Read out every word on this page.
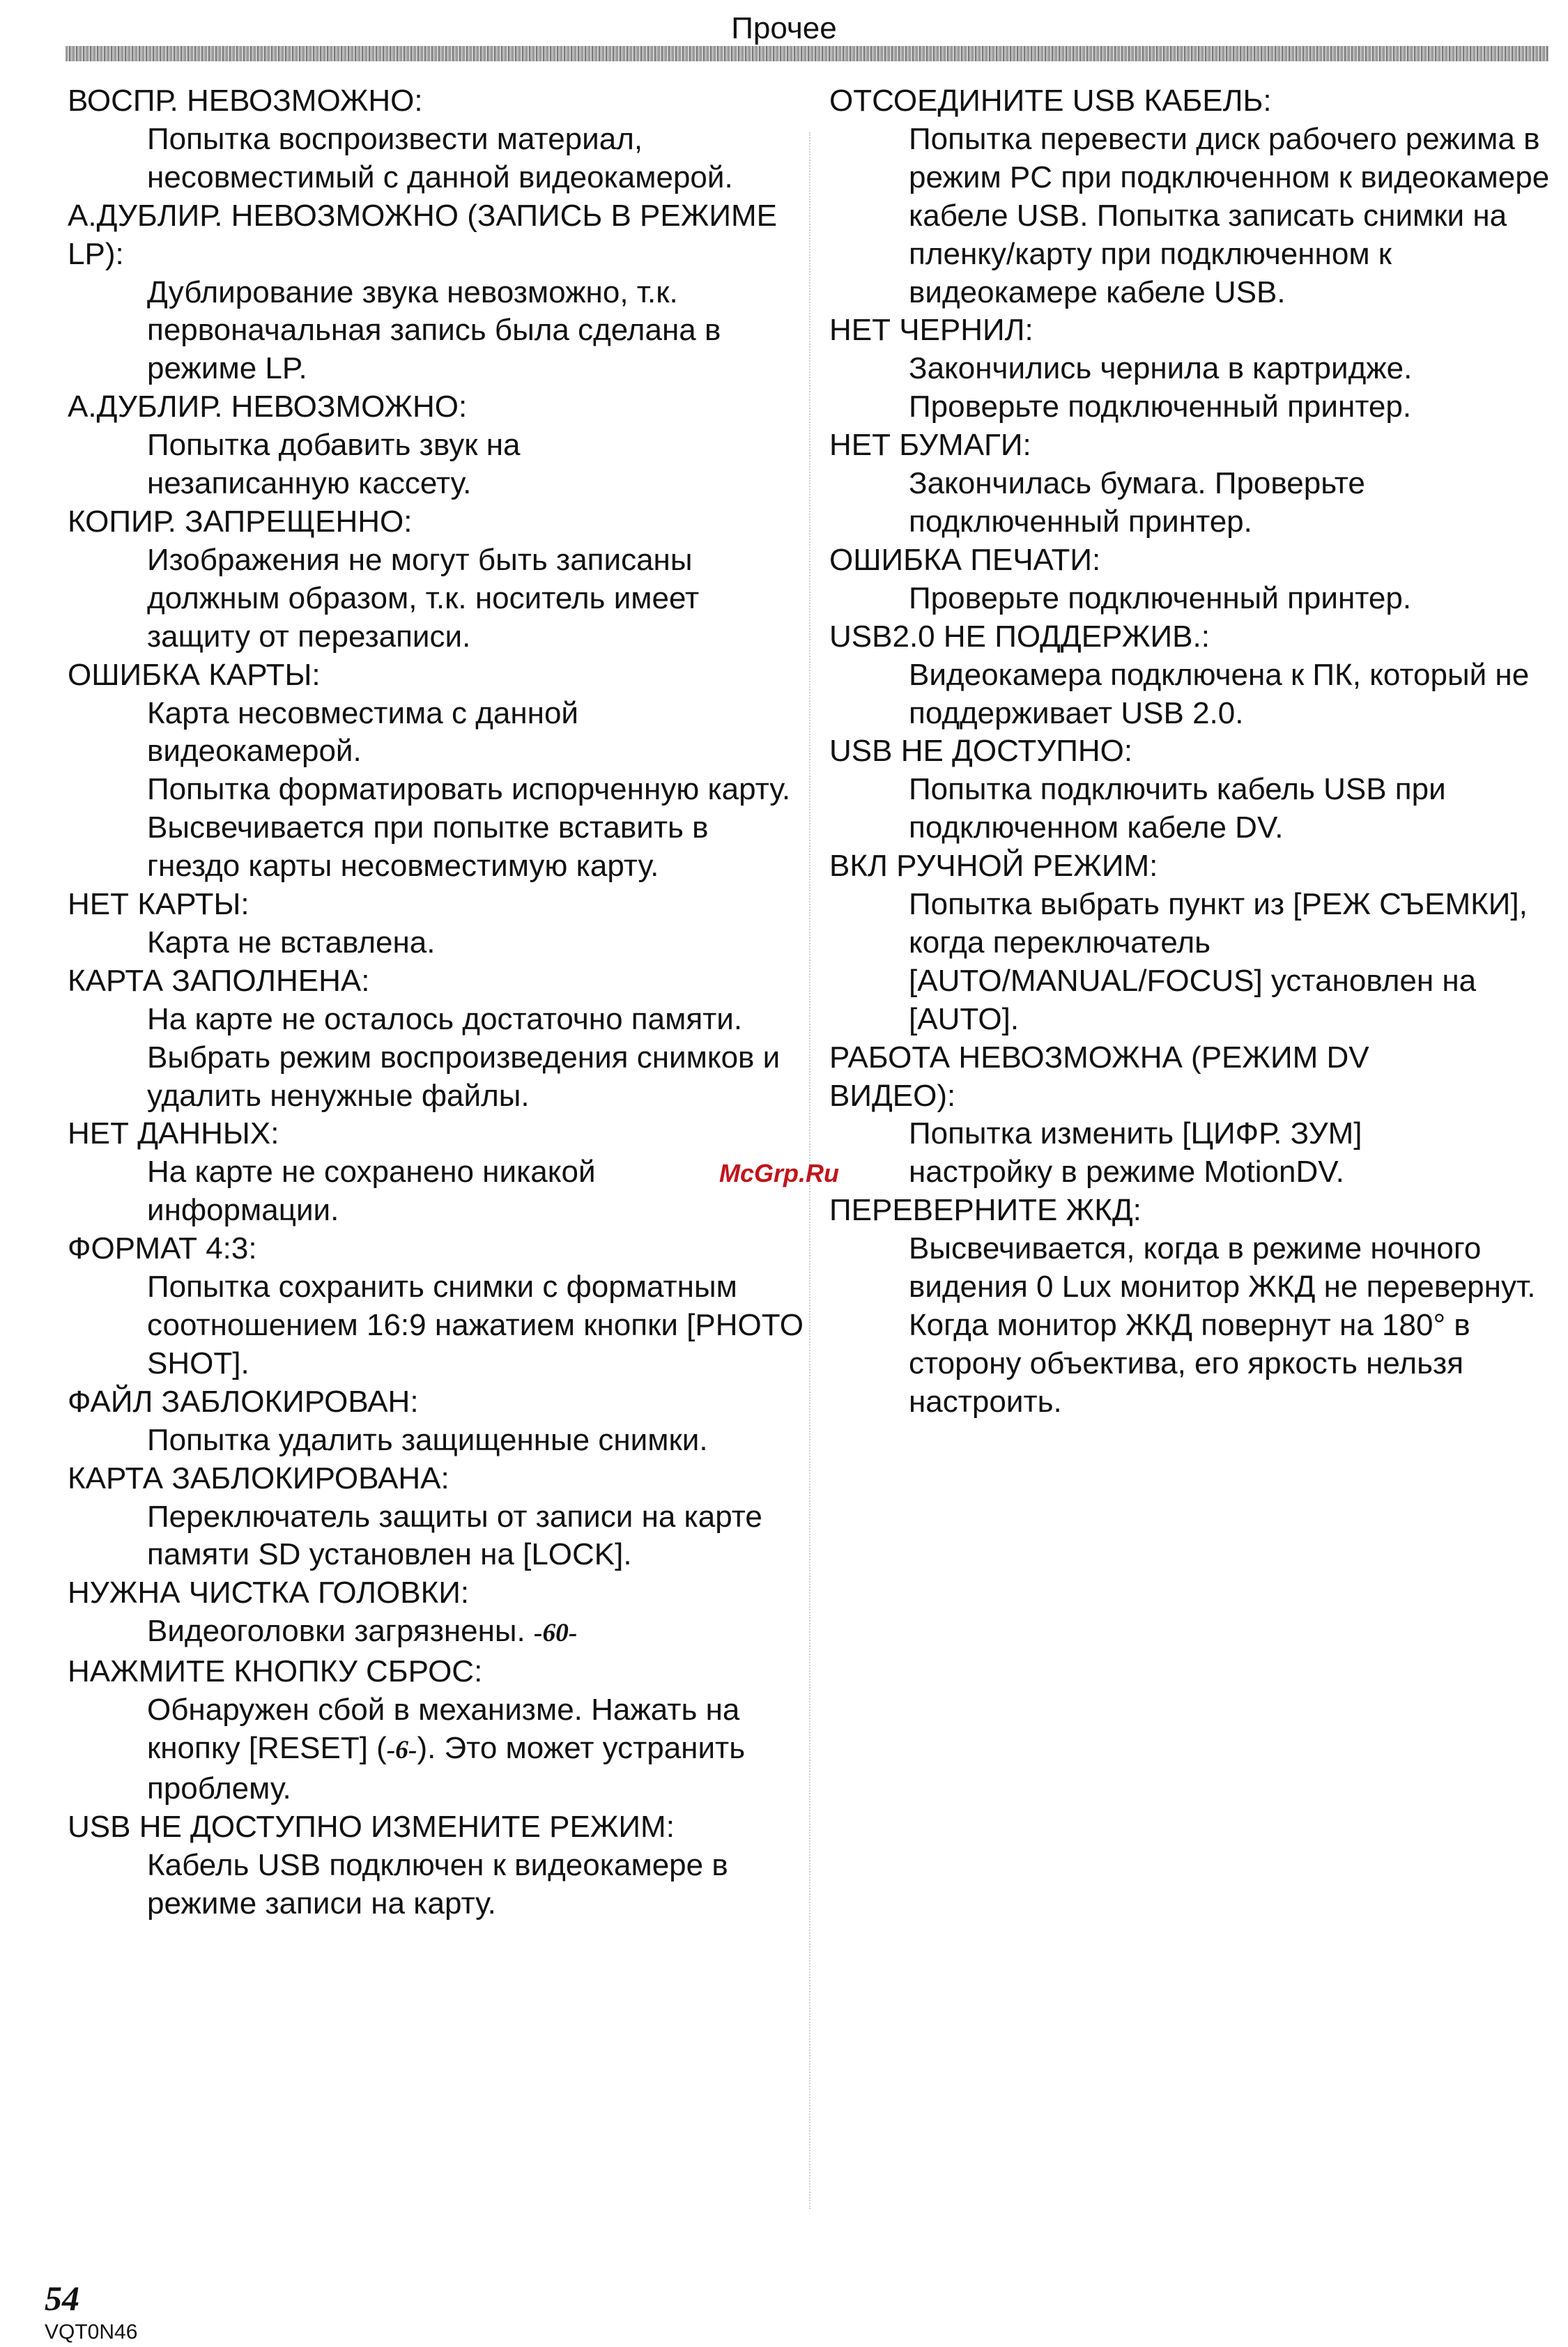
Прочее
ВОСПР. НЕВОЗМОЖНО:
Попытка воспроизвести материал, несовместимый с данной видеокамерой.
А.ДУБЛИР. НЕВОЗМОЖНО (ЗАПИСЬ В РЕЖИМЕ LP):
Дублирование звука невозможно, т.к. первоначальная запись была сделана в режиме LP.
А.ДУБЛИР. НЕВОЗМОЖНО:
Попытка добавить звук на незаписанную кассету.
КОПИР. ЗАПРЕЩЕННО:
Изображения не могут быть записаны должным образом, т.к. носитель имеет защиту от перезаписи.
ОШИБКА КАРТЫ:
Карта несовместима с данной видеокамерой.
Попытка форматировать испорченную карту.
Высвечивается при попытке вставить в гнездо карты несовместимую карту.
НЕТ КАРТЫ:
Карта не вставлена.
КАРТА ЗАПОЛНЕНА:
На карте не осталось достаточно памяти.
Выбрать режим воспроизведения снимков и удалить ненужные файлы.
НЕТ ДАННЫХ:
На карте не сохранено никакой информации.
ФОРМАТ 4:3:
Попытка сохранить снимки с форматным соотношением 16:9 нажатием кнопки [PHOTO SHOT].
ФАЙЛ ЗАБЛОКИРОВАН:
Попытка удалить защищенные снимки.
КАРТА ЗАБЛОКИРОВАНА:
Переключатель защиты от записи на карте памяти SD установлен на [LOCK].
НУЖНА ЧИСТКА ГОЛОВКИ:
Видеоголовки загрязнены. -60-
НАЖМИТЕ КНОПКУ СБРОС:
Обнаружен сбой в механизме. Нажать на кнопку [RESET] (-6-). Это может устранить проблему.
USB НЕ ДОСТУПНО ИЗМЕНИТЕ РЕЖИМ:
Кабель USB подключен к видеокамере в режиме записи на карту.
ОТСОЕДИНИТЕ USB КАБЕЛЬ:
Попытка перевести диск рабочего режима в режим PC при подключенном к видеокамере кабеле USB. Попытка записать снимки на пленку/карту при подключенном к видеокамере кабеле USB.
НЕТ ЧЕРНИЛ:
Закончились чернила в картридже. Проверьте подключенный принтер.
НЕТ БУМАГИ:
Закончилась бумага. Проверьте подключенный принтер.
ОШИБКА ПЕЧАТИ:
Проверьте подключенный принтер.
USB2.0 НЕ ПОДДЕРЖИВ.:
Видеокамера подключена к ПК, который не поддерживает USB 2.0.
USB НЕ ДОСТУПНО:
Попытка подключить кабель USB при подключенном кабеле DV.
ВКЛ РУЧНОЙ РЕЖИМ:
Попытка выбрать пункт из [РЕЖ СЪЕМКИ], когда переключатель [AUTO/MANUAL/FOCUS] установлен на [AUTO].
РАБОТА НЕВОЗМОЖНА (РЕЖИМ DV ВИДЕО):
Попытка изменить [ЦИФР. ЗУМ] настройку в режиме MotionDV.
ПЕРЕВЕРНИТЕ ЖКД:
Высвечивается, когда в режиме ночного видения 0 Lux монитор ЖКД не перевернут.
Когда монитор ЖКД повернут на 180° в сторону объектива, его яркость нельзя настроить.
McGrp.Ru
54
VQT0N46
